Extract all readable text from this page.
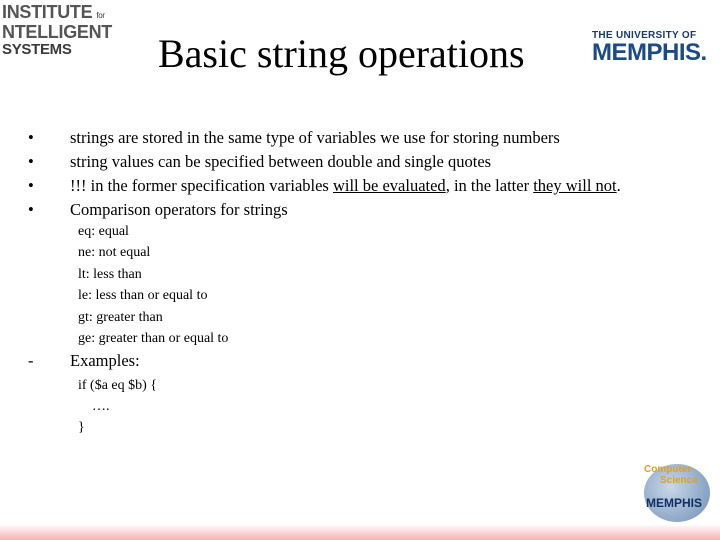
INSTITUTE for
NTELLIGENT
SYSTEMS
THE UNIVERSITY OF
MEMPHIS.
Basic string operations
• strings are stored in the same type of variables we use for storing numbers
• string values can be specified between double and single quotes
• !!! in the former specification variables will be evaluated, in the latter they will not.
• Comparison operators for strings
eq: equal
ne: not equal
lt: less than
le: less than or equal to
gt: greater than
ge: greater than or equal to
- Examples:
if ($a eq $b) {
….
}
Computer
Science
MEMPHIS
